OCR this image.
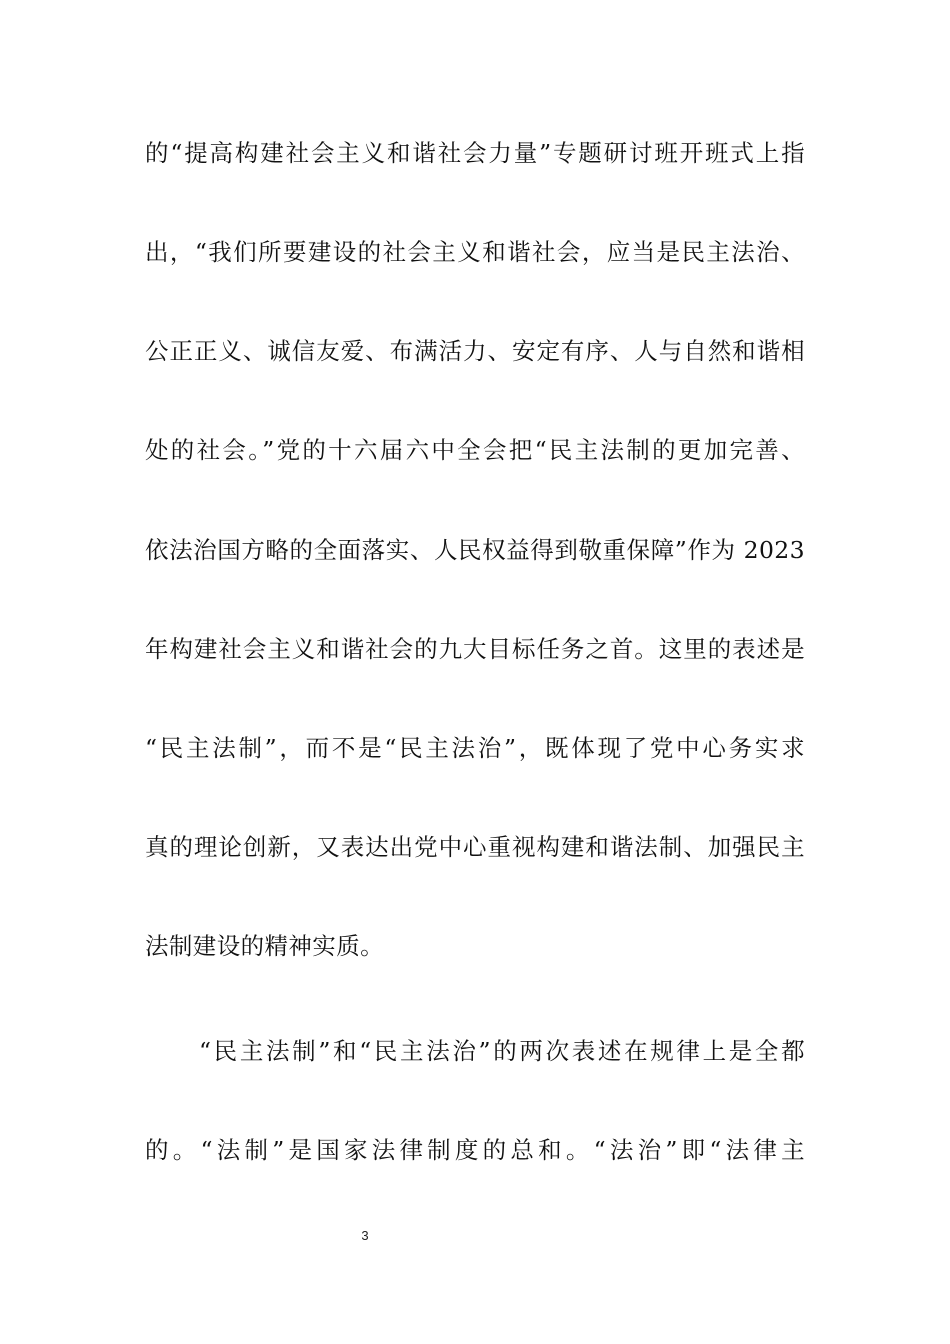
的“提高构建社会主义和谐社会力量”专题研讨班开班式上指
出，“我们所要建设的社会主义和谐社会，应当是民主法治、
公正正义、诚信友爱、布满活力、安定有序、人与自然和谐相
处的社会。”党的十六届六中全会把“民主法制的更加完善、
依法治国方略的全面落实、人民权益得到敬重保障”作为 2023
年构建社会主义和谐社会的九大目标任务之首。这里的表述是
“民主法制”，而不是“民主法治”，既体现了党中心务实求
真的理论创新，又表达出党中心重视构建和谐法制、加强民主
法制建设的精神实质。
“民主法制”和“民主法治”的两次表述在规律上是全都
的。“法制”是国家法律制度的总和。“法治”即“法律主
3
